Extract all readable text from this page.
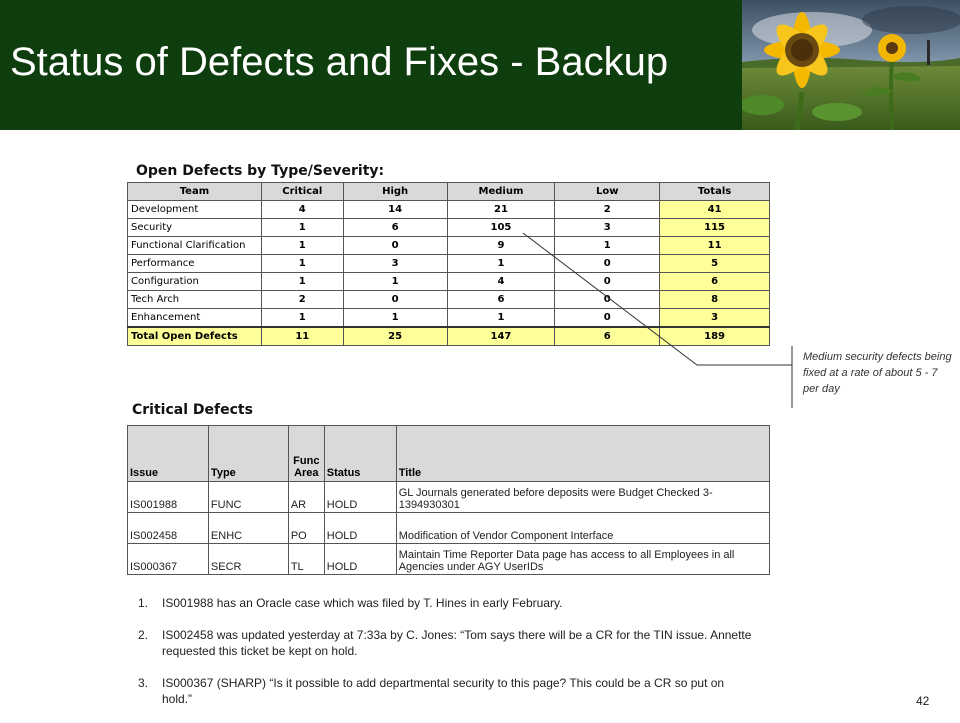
Status of Defects and Fixes - Backup
Open Defects by Type/Severity:
Team	Critical	High	Medium	Low	Totals
Development	4	14	21	2	41
Security	1	6	105	3	115
Functional Clarification	1	0	9	1	11
Performance	1	3	1	0	5
Configuration	1	1	4	0	6
Tech Arch	2	0	6	0	8
Enhancement	1	1	1	0	3
Total Open Defects	11	25	147	6	189
Medium security defects being fixed at a rate of about 5 - 7 per day
Critical Defects
Issue	Type	Func Area	Status	Title
IS001988	FUNC	AR	HOLD	GL Journals generated before deposits were Budget Checked 3-1394930301
IS002458	ENHC	PO	HOLD	Modification of Vendor Component Interface
IS000367	SECR	TL	HOLD	Maintain Time Reporter Data page has access to all Employees in all Agencies under AGY UserIDs
1.	IS001988 has an Oracle case which was filed by T. Hines in early February.
2.	IS002458 was updated yesterday at 7:33a by C. Jones: “Tom says there will be a CR for the TIN issue. Annette requested this ticket be kept on hold.
3.	IS000367 (SHARP) “Is it possible to add departmental security to this page? This could be a CR so put on hold.”	42
